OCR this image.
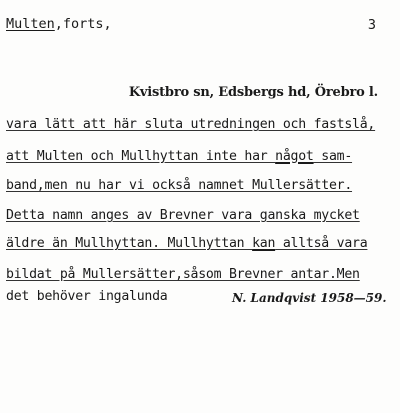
Multen,forts,	3
Kvistbro sn, Edsbergs hd, Örebro l.
vara lätt att här sluta utredningen och fastslå,
att Multen och Mullhyttan inte har något sam-
band,men nu har vi också namnet Mullersätter.
Detta namn anges av Brevner vara ganska mycket
äldre än Mullhyttan. Mullhyttan kan alltså vara
bildat på Mullersätter,såsom Brevner antar.Men
det behöver ingalunda	N. Landqvist 1958—59.
